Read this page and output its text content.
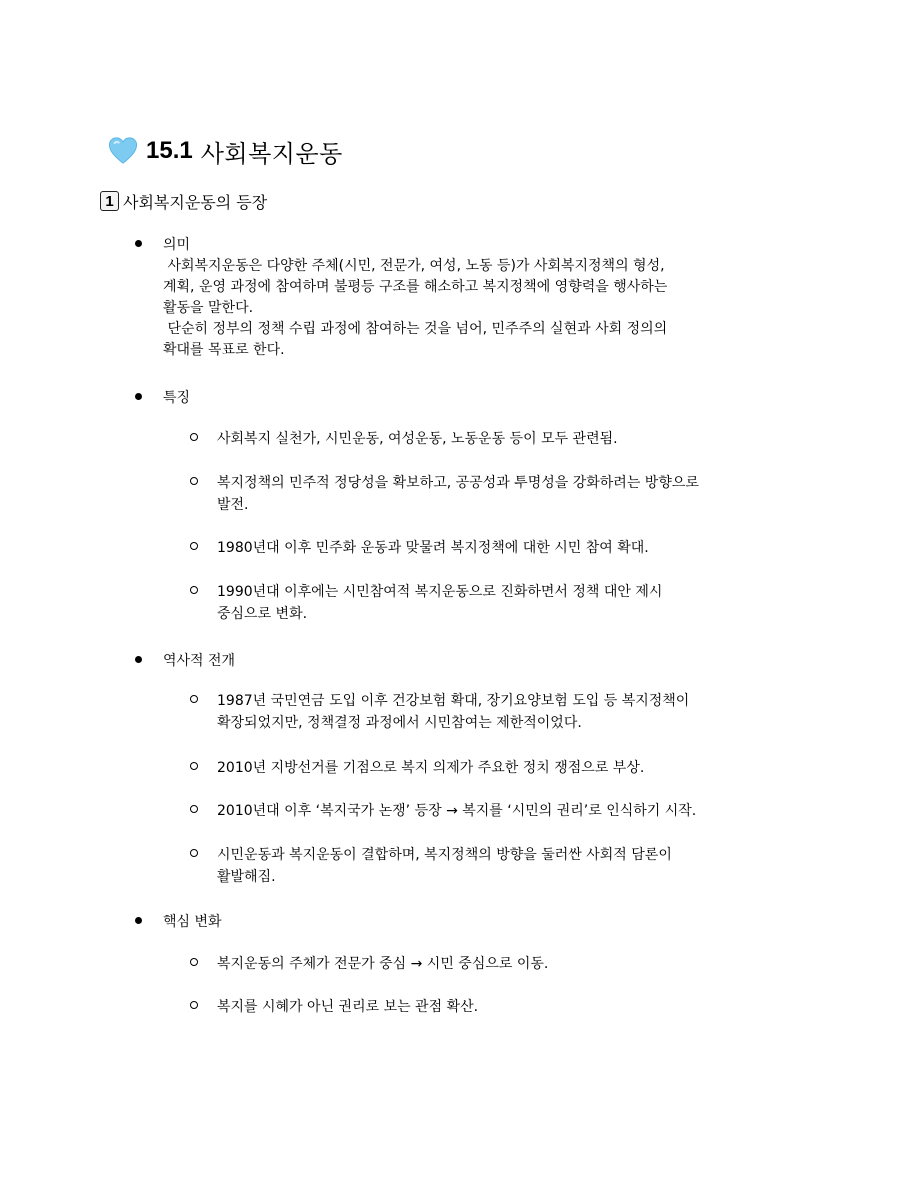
15.1 사회복지운동
1 사회복지운동의 등장
의미
사회복지운동은 다양한 주체(시민, 전문가, 여성, 노동 등)가 사회복지정책의 형성,
계획, 운영 과정에 참여하며 불평등 구조를 해소하고 복지정책에 영향력을 행사하는
활동을 말한다.
단순히 정부의 정책 수립 과정에 참여하는 것을 넘어, 민주주의 실현과 사회 정의의
확대를 목표로 한다.
특징
사회복지 실천가, 시민운동, 여성운동, 노동운동 등이 모두 관련됨.
복지정책의 민주적 정당성을 확보하고, 공공성과 투명성을 강화하려는 방향으로
발전.
1980년대 이후 민주화 운동과 맞물려 복지정책에 대한 시민 참여 확대.
1990년대 이후에는 시민참여적 복지운동으로 진화하면서 정책 대안 제시
중심으로 변화.
역사적 전개
1987년 국민연금 도입 이후 건강보험 확대, 장기요양보험 도입 등 복지정책이
확장되었지만, 정책결정 과정에서 시민참여는 제한적이었다.
2010년 지방선거를 기점으로 복지 의제가 주요한 정치 쟁점으로 부상.
2010년대 이후 ‘복지국가 논쟁’ 등장 → 복지를 ‘시민의 권리’로 인식하기 시작.
시민운동과 복지운동이 결합하며, 복지정책의 방향을 둘러싼 사회적 담론이
활발해짐.
핵심 변화
복지운동의 주체가 전문가 중심 → 시민 중심으로 이동.
복지를 시혜가 아닌 권리로 보는 관점 확산.
